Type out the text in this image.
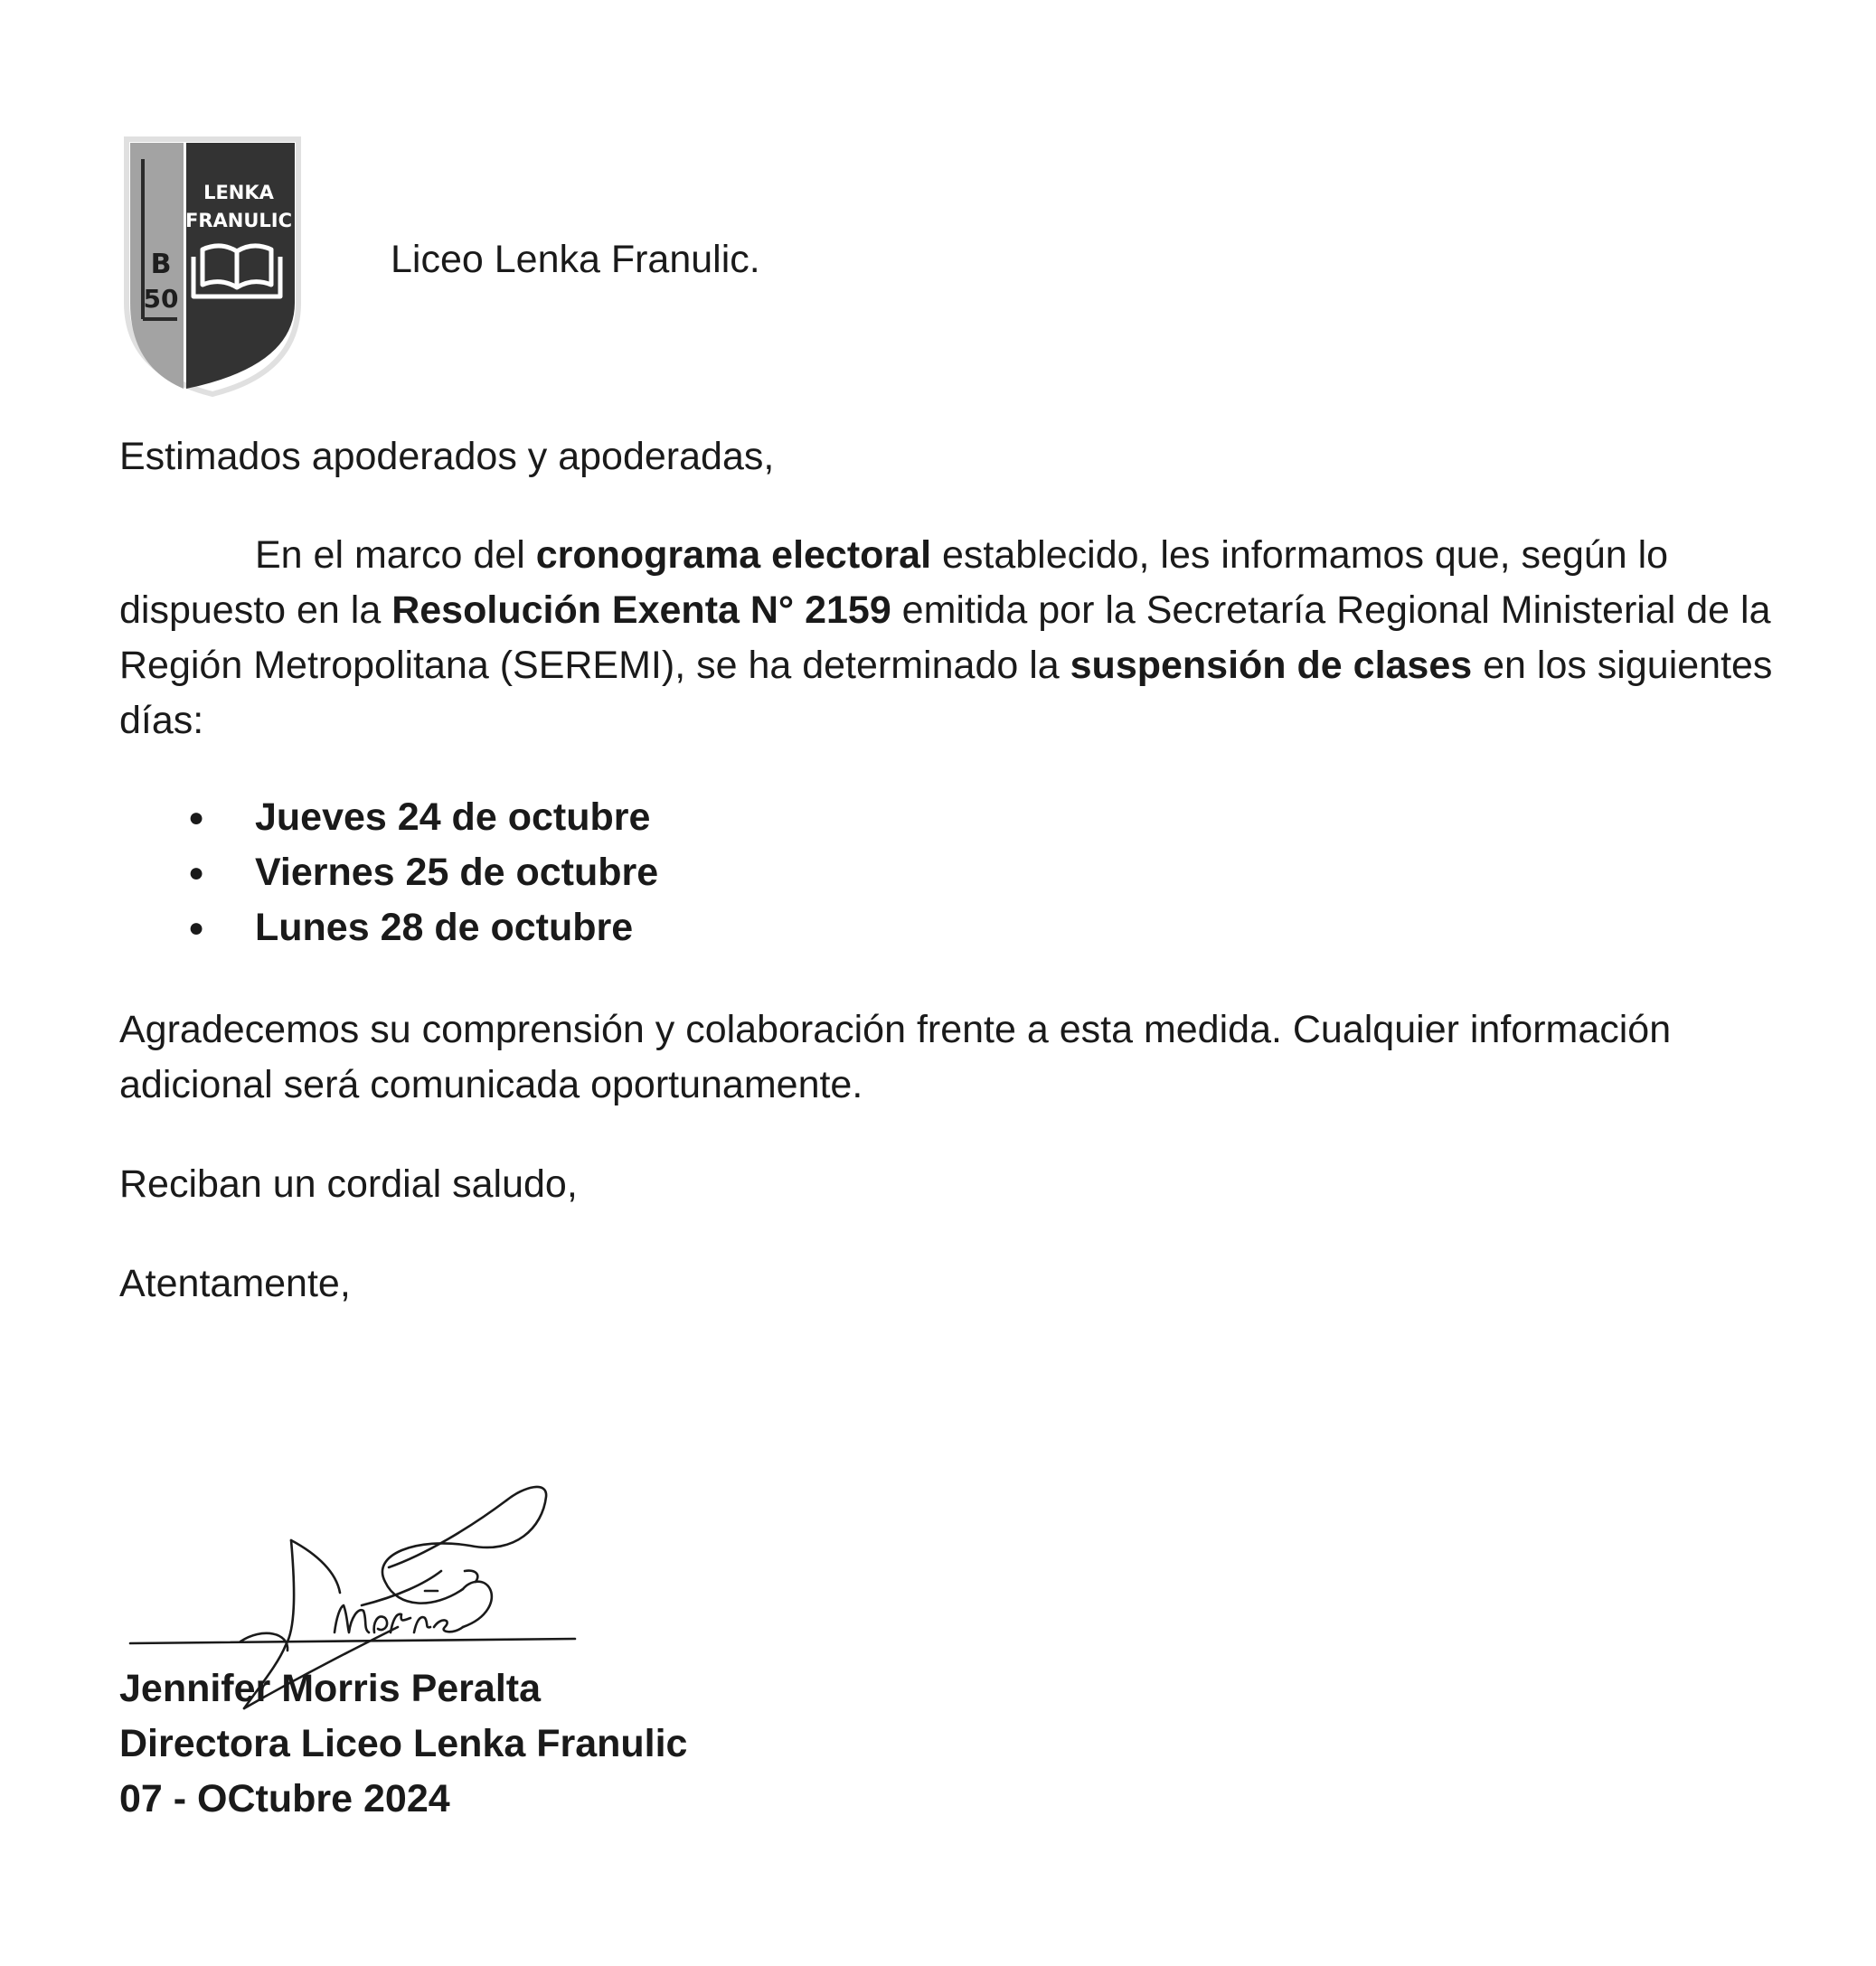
LENKA
FRANULIC
B
50
Liceo Lenka Franulic.
Estimados apoderados y apoderadas,
En el marco del cronograma electoral establecido, les informamos que, según lo dispuesto en la Resolución Exenta N° 2159 emitida por la Secretaría Regional Ministerial de la Región Metropolitana (SEREMI), se ha determinado la suspensión de clases en los siguientes días:
● Jueves 24 de octubre
● Viernes 25 de octubre
● Lunes 28 de octubre
Agradecemos su comprensión y colaboración frente a esta medida. Cualquier información adicional será comunicada oportunamente.
Reciban un cordial saludo,
Atentamente,
Jennifer Morris Peralta
Directora Liceo Lenka Franulic
07 - OCtubre 2024
